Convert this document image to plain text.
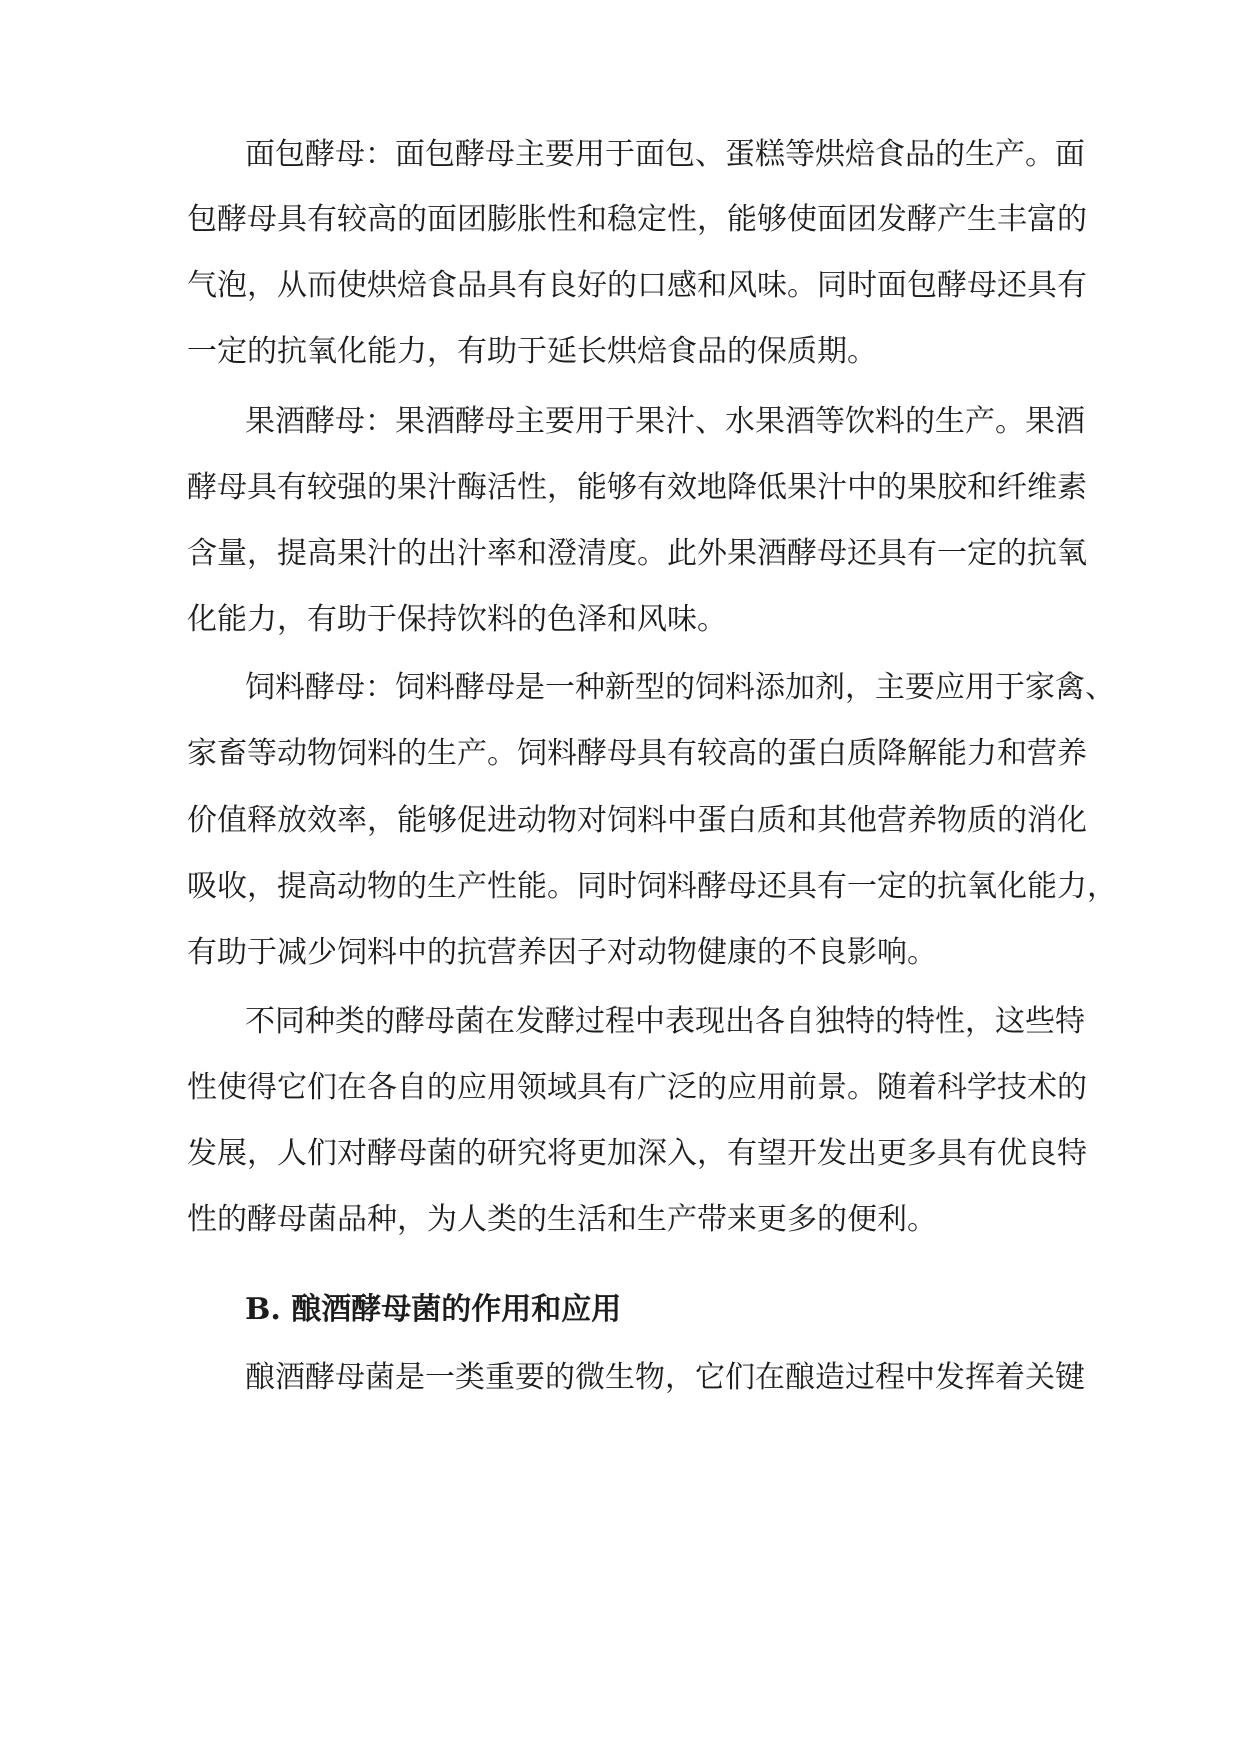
面包酵母：面包酵母主要用于面包、蛋糕等烘焙食品的生产。面
包酵母具有较高的面团膨胀性和稳定性，能够使面团发酵产生丰富的
气泡，从而使烘焙食品具有良好的口感和风味。同时面包酵母还具有
一定的抗氧化能力，有助于延长烘焙食品的保质期。
果酒酵母：果酒酵母主要用于果汁、水果酒等饮料的生产。果酒
酵母具有较强的果汁酶活性，能够有效地降低果汁中的果胶和纤维素
含量，提高果汁的出汁率和澄清度。此外果酒酵母还具有一定的抗氧
化能力，有助于保持饮料的色泽和风味。
饲料酵母：饲料酵母是一种新型的饲料添加剂，主要应用于家禽、
家畜等动物饲料的生产。饲料酵母具有较高的蛋白质降解能力和营养
价值释放效率，能够促进动物对饲料中蛋白质和其他营养物质的消化
吸收，提高动物的生产性能。同时饲料酵母还具有一定的抗氧化能力，
有助于减少饲料中的抗营养因子对动物健康的不良影响。
不同种类的酵母菌在发酵过程中表现出各自独特的特性，这些特
性使得它们在各自的应用领域具有广泛的应用前景。随着科学技术的
发展，人们对酵母菌的研究将更加深入，有望开发出更多具有优良特
性的酵母菌品种，为人类的生活和生产带来更多的便利。
B. 酿酒酵母菌的作用和应用
酿酒酵母菌是一类重要的微生物，它们在酿造过程中发挥着关键
